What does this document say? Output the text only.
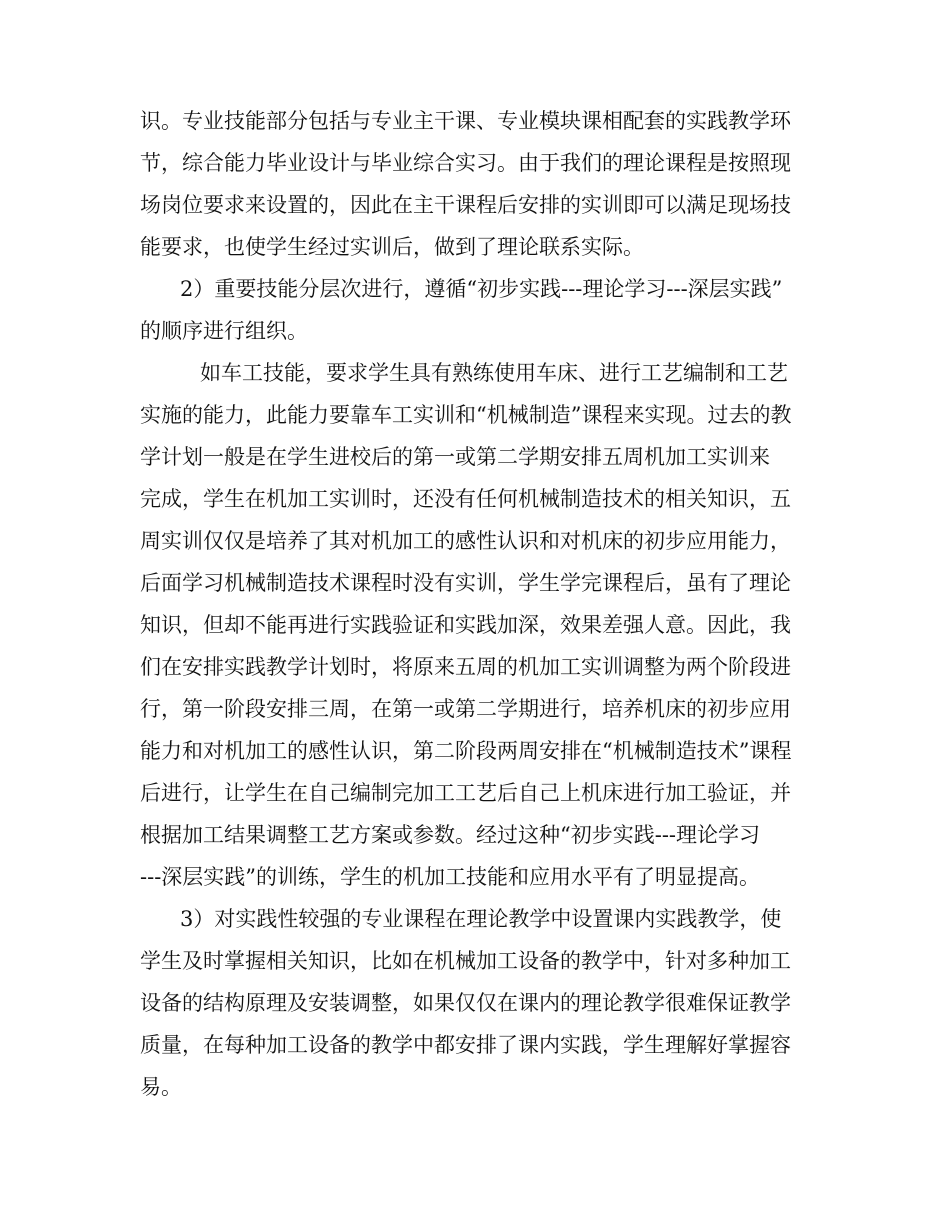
识。专业技能部分包括与专业主干课、专业模块课相配套的实践教学环
节，综合能力毕业设计与毕业综合实习。由于我们的理论课程是按照现
场岗位要求来设置的，因此在主干课程后安排的实训即可以满足现场技
能要求，也使学生经过实训后，做到了理论联系实际。

2）重要技能分层次进行，遵循“初步实践---理论学习---深层实践”
的顺序进行组织。

如车工技能，要求学生具有熟练使用车床、进行工艺编制和工艺
实施的能力，此能力要靠车工实训和“机械制造”课程来实现。过去的教
学计划一般是在学生进校后的第一或第二学期安排五周机加工实训来
完成，学生在机加工实训时，还没有任何机械制造技术的相关知识，五
周实训仅仅是培养了其对机加工的感性认识和对机床的初步应用能力，
后面学习机械制造技术课程时没有实训，学生学完课程后，虽有了理论
知识，但却不能再进行实践验证和实践加深，效果差强人意。因此，我
们在安排实践教学计划时，将原来五周的机加工实训调整为两个阶段进
行，第一阶段安排三周，在第一或第二学期进行，培养机床的初步应用
能力和对机加工的感性认识，第二阶段两周安排在“机械制造技术”课程
后进行，让学生在自己编制完加工工艺后自己上机床进行加工验证，并
根据加工结果调整工艺方案或参数。经过这种“初步实践---理论学习
---深层实践”的训练，学生的机加工技能和应用水平有了明显提高。

3）对实践性较强的专业课程在理论教学中设置课内实践教学，使
学生及时掌握相关知识，比如在机械加工设备的教学中，针对多种加工
设备的结构原理及安装调整，如果仅仅在课内的理论教学很难保证教学
质量，在每种加工设备的教学中都安排了课内实践，学生理解好掌握容
易。
